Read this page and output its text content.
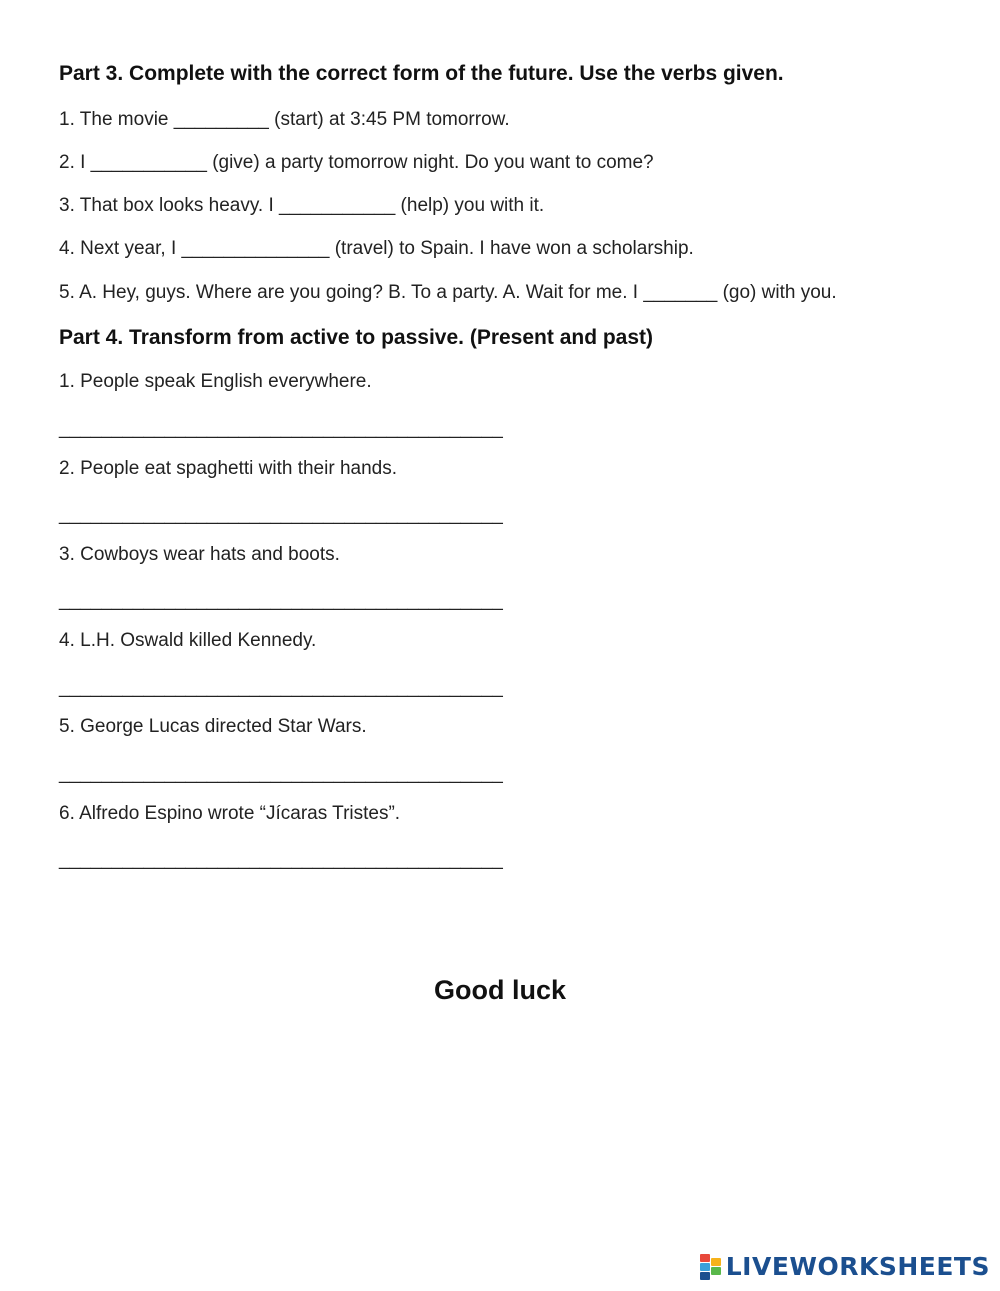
Part 3. Complete with the correct form of the future. Use the verbs given.

1. The movie _________ (start) at 3:45 PM tomorrow.

2. I ___________ (give) a party tomorrow night. Do you want to come?

3. That box looks heavy. I ___________ (help) you with it.

4. Next year, I ______________ (travel) to Spain. I have won a scholarship.

5. A. Hey, guys. Where are you going? B. To a party. A. Wait for me. I _______ (go) with you.

Part 4. Transform from active to passive. (Present and past)

1. People speak English everywhere.

__________________________________________

2. People eat spaghetti with their hands.

__________________________________________

3. Cowboys wear hats and boots.

__________________________________________

4. L.H. Oswald killed Kennedy.

__________________________________________

5. George Lucas directed Star Wars.

__________________________________________

6. Alfredo Espino wrote “Jícaras Tristes”.

__________________________________________

Good luck
LIVEWORKSHEETS
